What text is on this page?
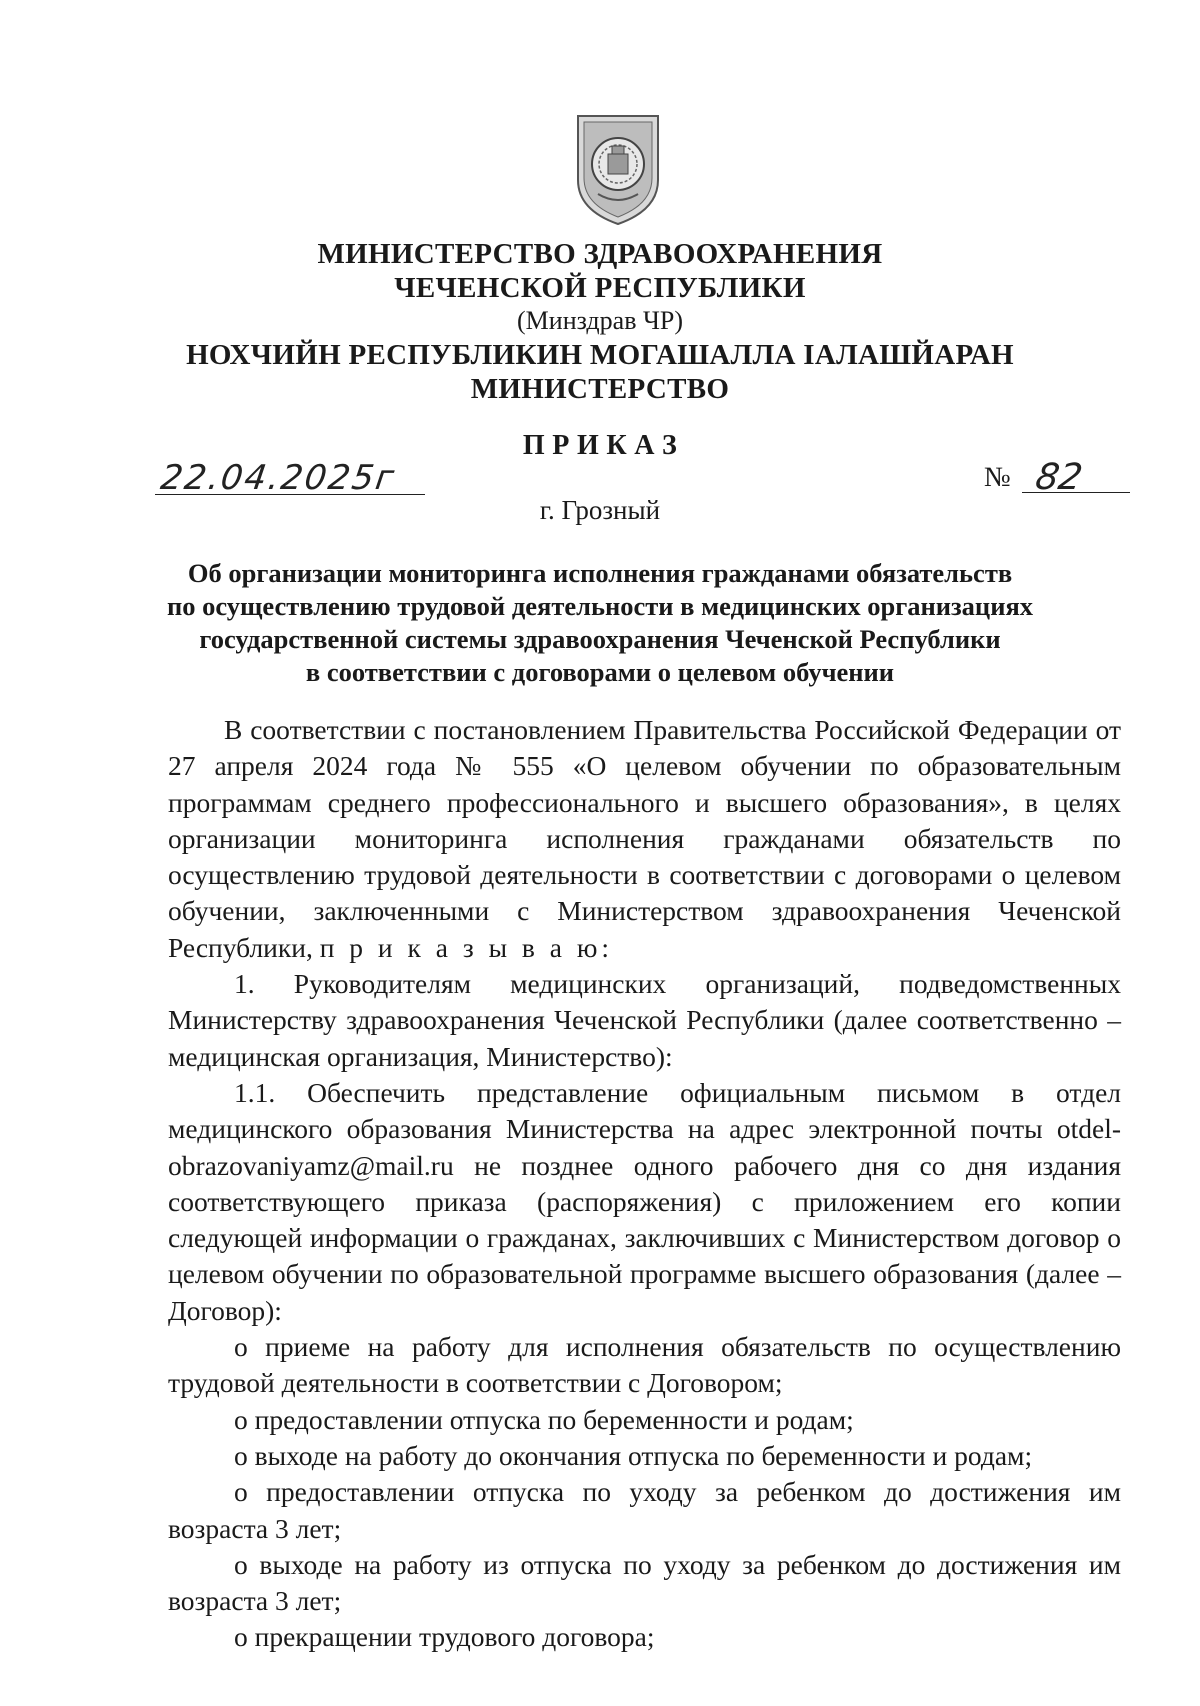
МИНИСТЕРСТВО ЗДРАВООХРАНЕНИЯ
ЧЕЧЕНСКОЙ РЕСПУБЛИКИ
(Минздрав ЧР)
НОХЧИЙН РЕСПУБЛИКИН МОГАШАЛЛА ІАЛАШЙАРАН
МИНИСТЕРСТВО
П Р И К А З
22.04.2025г	№ 82
г. Грозный
Об организации мониторинга исполнения гражданами обязательств
по осуществлению трудовой деятельности в медицинских организациях
государственной системы здравоохранения Чеченской Республики
в соответствии с договорами о целевом обучении

В соответствии с постановлением Правительства Российской Федерации от 27 апреля 2024 года № 555 «О целевом обучении по образовательным программам среднего профессионального и высшего образования», в целях организации мониторинга исполнения гражданами обязательств по осуществлению трудовой деятельности в соответствии с договорами о целевом обучении, заключенными с Министерством здравоохранения Чеченской Республики, п р и к а з ы в а ю:

1. Руководителям медицинских организаций, подведомственных Министерству здравоохранения Чеченской Республики (далее соответственно – медицинская организация, Министерство):

1.1. Обеспечить представление официальным письмом в отдел медицинского образования Министерства на адрес электронной почты otdel-obrazovaniyamz@mail.ru не позднее одного рабочего дня со дня издания соответствующего приказа (распоряжения) с приложением его копии следующей информации о гражданах, заключивших с Министерством договор о целевом обучении по образовательной программе высшего образования (далее – Договор):

о приеме на работу для исполнения обязательств по осуществлению трудовой деятельности в соответствии с Договором;

о предоставлении отпуска по беременности и родам;

о выходе на работу до окончания отпуска по беременности и родам;

о предоставлении отпуска по уходу за ребенком до достижения им возраста 3 лет;

о выходе на работу из отпуска по уходу за ребенком до достижения им возраста 3 лет;

о прекращении трудового договора;
